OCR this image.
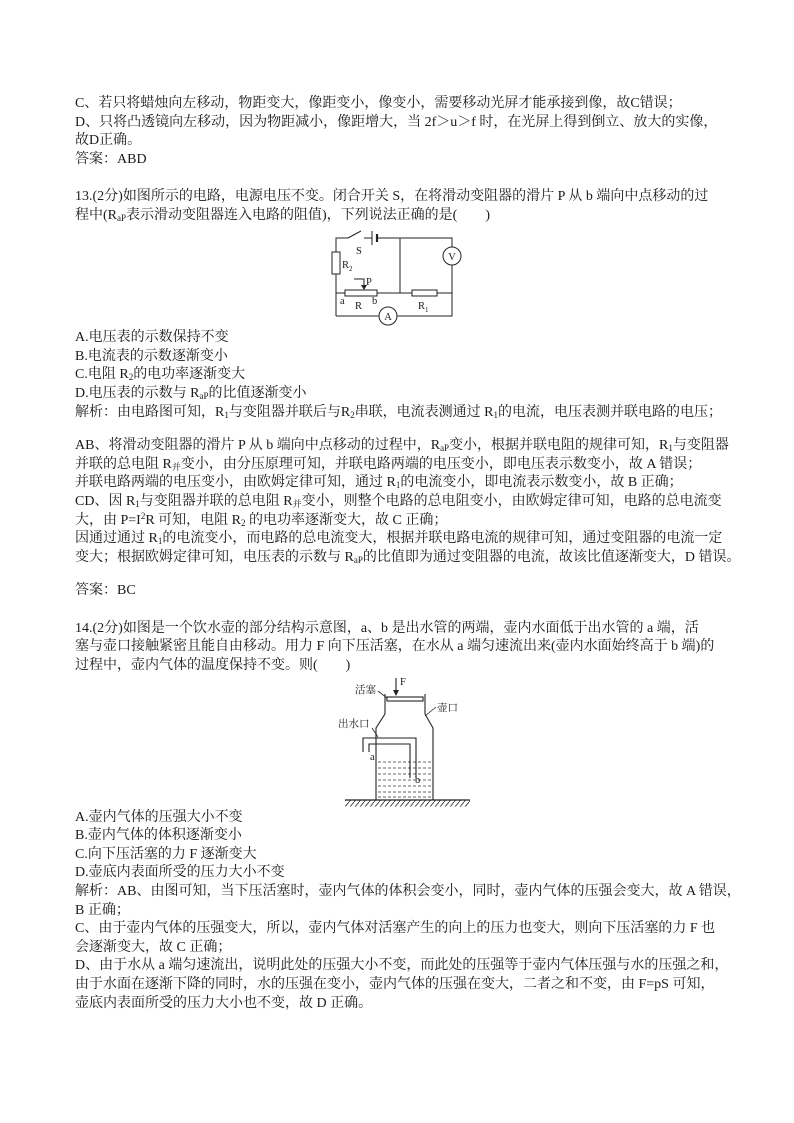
C、若只将蜡烛向左移动，物距变大，像距变小，像变小，需要移动光屏才能承接到像，故C错误；
D、只将凸透镜向左移动，因为物距减小，像距增大，当 2f＞u＞f 时，在光屏上得到倒立、放大的实像，
故D正确。
答案：ABD
13.(2分)如图所示的电路，电源电压不变。闭合开关 S，在将滑动变阻器的滑片 P 从 b 端向中点移动的过
程中($R_{aP}$表示滑动变阻器连入电路的阻值)，下列说法正确的是(　　)
S
R 2
P
a	b
R	R 1
V
A
A.电压表的示数保持不变
B.电流表的示数逐渐变小
C.电阻 $R_2$的电功率逐渐变大
D.电压表的示数与 $R_{aP}$的比值逐渐变小
解析：由电路图可知，$R_1$与变阻器并联后与$R_2$串联，电流表测通过 $R_1$的电流，电压表测并联电路的电压；
AB、将滑动变阻器的滑片 P 从 b 端向中点移动的过程中，$R_{aP}$变小，根据并联电阻的规律可知，$R_1$与变阻器
并联的总电阻 $R_并$变小，由分压原理可知，并联电路两端的电压变小，即电压表示数变小，故 A 错误；
并联电路两端的电压变小，由欧姆定律可知，通过 $R_1$的电流变小，即电流表示数变小，故 B 正确；
CD、因 $R_1$与变阻器并联的总电阻 $R_并$变小，则整个电路的总电阻变小，由欧姆定律可知，电路的总电流变
大，由 $P=I^2R$ 可知，电阻 $R_2$ 的电功率逐渐变大，故 C 正确；
因通过通过 $R_1$的电流变小，而电路的总电流变大，根据并联电路电流的规律可知，通过变阻器的电流一定
变大；根据欧姆定律可知，电压表的示数与 $R_{aP}$的比值即为通过变阻器的电流，故该比值逐渐变大，D 错误。
答案：BC
14.(2分)如图是一个饮水壶的部分结构示意图，a、b 是出水管的两端，壶内水面低于出水管的 a 端，活
塞与壶口接触紧密且能自由移动。用力 F 向下压活塞，在水从 a 端匀速流出来(壶内水面始终高于 b 端)的
过程中，壶内气体的温度保持不变。则(　　)
活塞
F
壶口
出水口
a
b
A.壶内气体的压强大小不变
B.壶内气体的体积逐渐变小
C.向下压活塞的力 F 逐渐变大
D.壶底内表面所受的压力大小不变
解析：AB、由图可知，当下压活塞时，壶内气体的体积会变小，同时，壶内气体的压强会变大，故 A 错误，
B 正确；
C、由于壶内气体的压强变大，所以，壶内气体对活塞产生的向上的压力也变大，则向下压活塞的力 F 也
会逐渐变大，故 C 正确；
D、由于水从 a 端匀速流出，说明此处的压强大小不变，而此处的压强等于壶内气体压强与水的压强之和，
由于水面在逐渐下降的同时，水的压强在变小，壶内气体的压强在变大，二者之和不变，由 F=pS 可知，
壶底内表面所受的压力大小也不变，故 D 正确。
